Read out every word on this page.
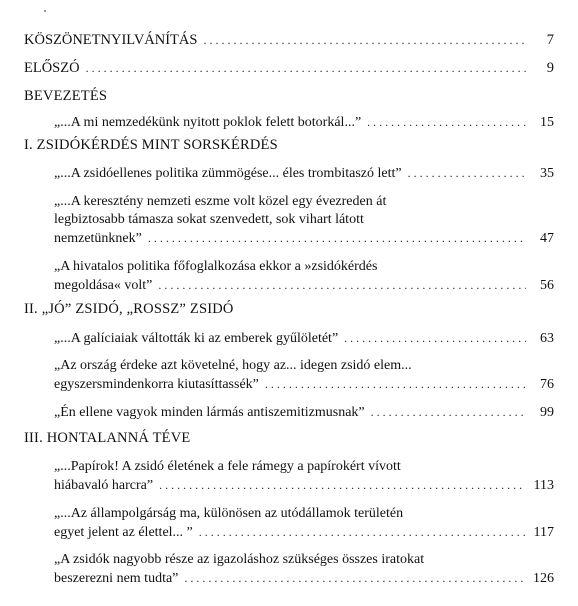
KÖSZÖNETNYILVÁNÍTÁS . . .	7
ELŐSZÓ . . .	9
BEVEZETÉS
„...A mi nemzedékünk nyitott poklok felett botorkál...” . . .	15
I. ZSIDÓKÉRDÉS MINT SORSKÉRDÉS
„...A zsidóellenes politika zümmögése... éles trombitaszó lett” . . .	35
„...A keresztény nemzeti eszme volt közel egy évezreden át
legbiztosabb támasza sokat szenvedett, sok vihart látott
nemzetünknek” . . .	47
„A hivatalos politika főfoglalkozása ekkor a »zsidókérdés
megoldása« volt” . . .	56
II. „JÓ” ZSIDÓ, „ROSSZ” ZSIDÓ
„...A galíciaiak váltották ki az emberek gyűlöletét” . . .	63
„Az ország érdeke azt követelné, hogy az... idegen zsidó elem...
egyszersmindenkorra kiutasíttassék” . . .	76
„Én ellene vagyok minden lármás antiszemitizmusnak” . . .	99
III. HONTALANNÁ TÉVE
„...Papírok! A zsidó életének a fele rámegy a papírokért vívott
hiábavaló harcra” . . .	113
„...Az állampolgárság ma, különösen az utódállamok területén
egyet jelent az élettel... ” . . .	117
„A zsidók nagyobb része az igazoláshoz szükséges összes iratokat
beszerezni nem tudta” . . .	126
